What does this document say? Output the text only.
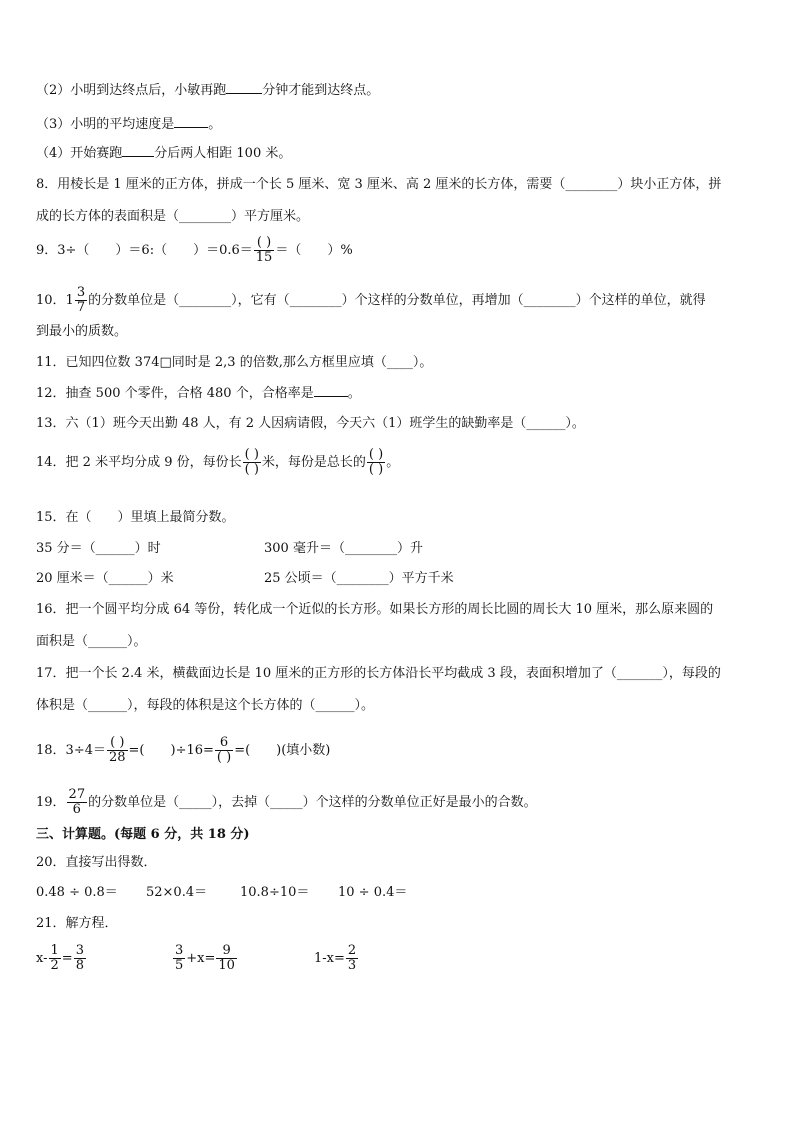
（2）小明到达终点后，小敏再跑	分钟才能到达终点。
（3）小明的平均速度是	。
（4）开始赛跑 分后两人相距 100 米。
8．用棱长是 1 厘米的正方体，拼成一个长 5 厘米、宽 3 厘米、高 2 厘米的长方体，需要（________）块小正方体，拼
成的长方体的表面积是（________）平方厘米。
9．3÷（　　）＝6:（　　）$=0.6= \frac{( )}{15}$ ＝（　　）%
10．$1 \frac{3}{7}$ 的分数单位是（________），它有（________）个这样的分数单位，再增加（________）个这样的单位，就得
到最小的质数。
11．已知四位数 374□同时是 2,3 的倍数,那么方框里应填（____）。
12．抽查 500 个零件，合格 480 个，合格率是	。
13．六（1）班今天出勤 48 人，有 2 人因病请假，今天六（1）班学生的缺勤率是（______）。
14．把 2 米平均分成 9 份，每份长 $\frac{( )}{( )}$ 米，每份是总长的 $\frac{( )}{( )}$ 。
15．在（　　）里填上最简分数。
35 分＝（______）时	300 毫升＝（________）升
20 厘米＝（______）米	25 公顷＝（________）平方千米
16．把一个圆平均分成 64 等份，转化成一个近似的长方形。如果长方形的周长比圆的周长大 10 厘米，那么原来圆的
面积是（______）。
17．把一个长 2.4 米，横截面边长是 10 厘米的正方形的长方体沿长平均截成 3 段，表面积增加了（_______），每段的
体积是（______），每段的体积是这个长方体的（______）。
18．$3\div 4= \frac{( )}{28}$ =(　　)$\div 16= \frac{6}{( )}$ =(　　)(填小数)
19． $\frac{27}{6}$ 的分数单位是（_____），去掉（_____）个这样的分数单位正好是最小的合数。
三、计算题。(每题 6 分，共 18 分)
20．直接写出得数．
0.48 ÷ 0.8＝ 52×0.4＝	10.8÷10＝ 10 ÷ 0.4＝
21．解方程．
$x- \frac{1}{2} = \frac{3}{8}$	$\frac{3}{5} +x= \frac{9}{10}$	$1-x= \frac{2}{3}$
